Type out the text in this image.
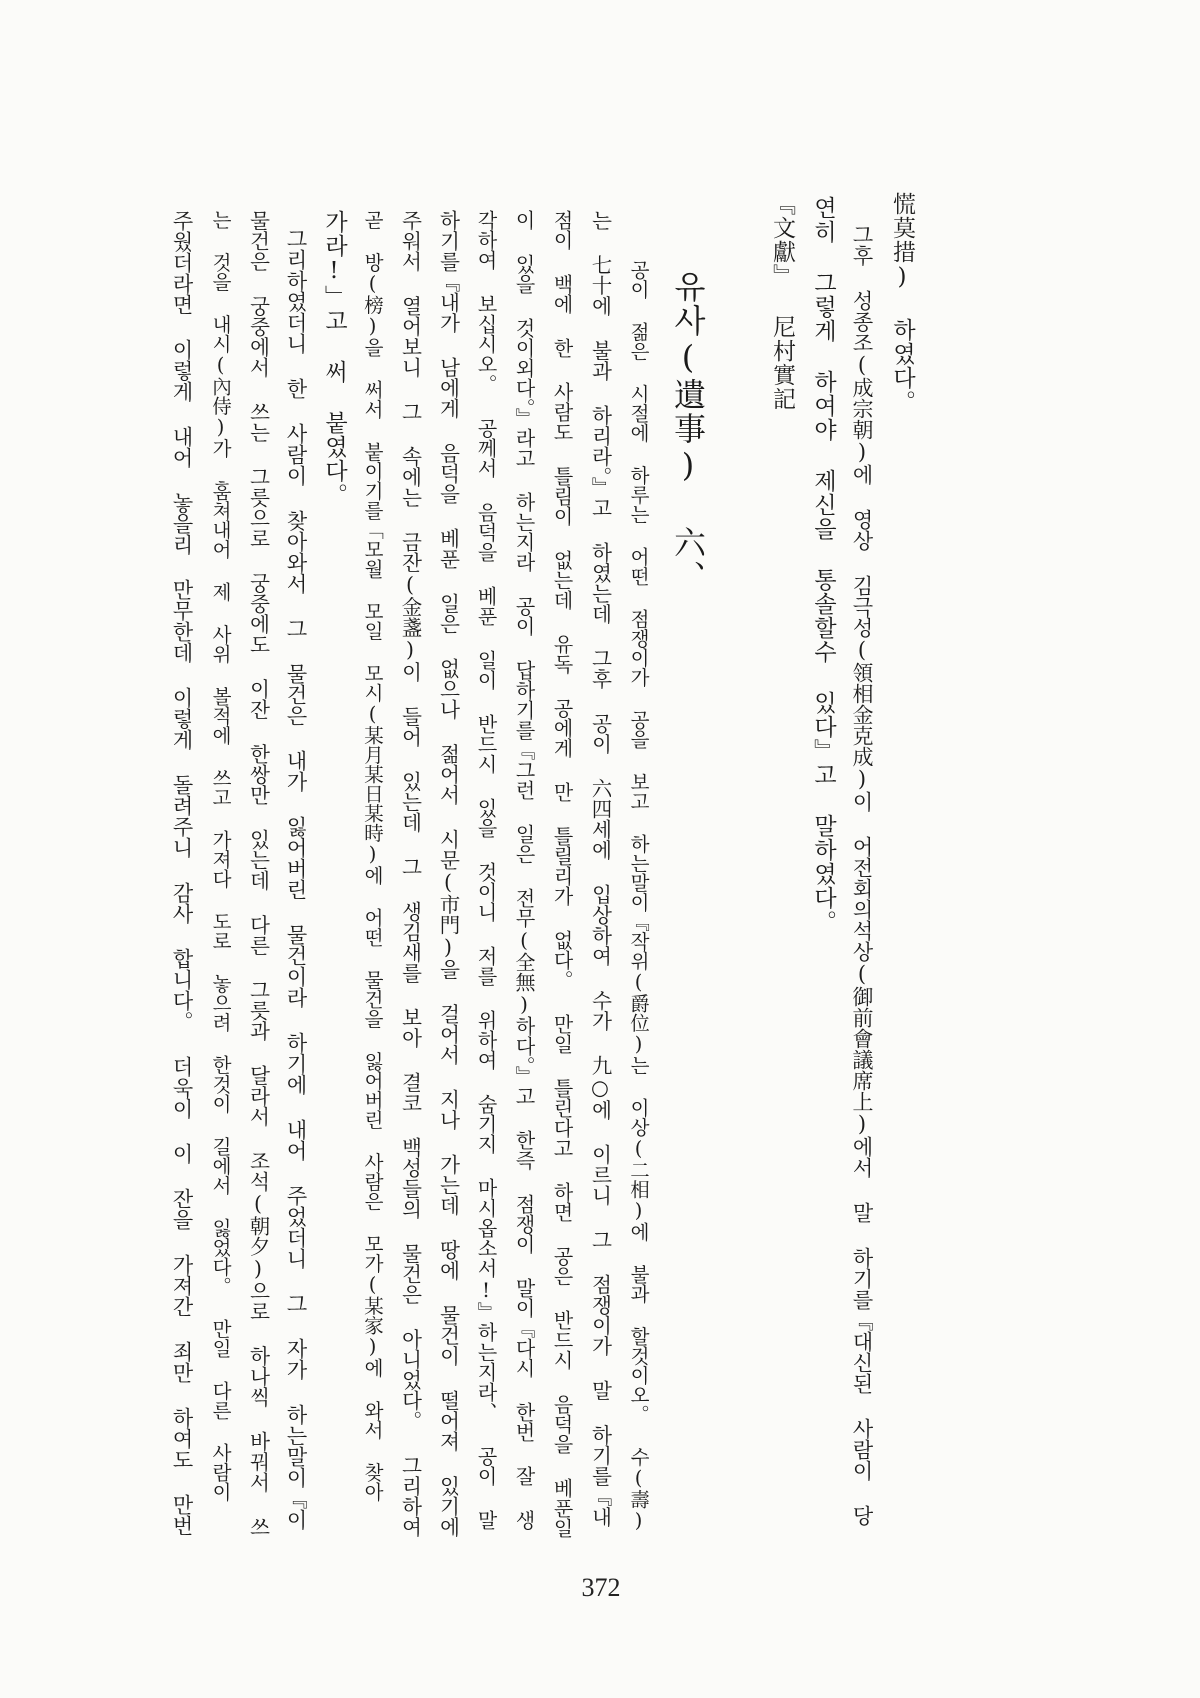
慌莫措) 하였다。
그후 성종조(成宗朝)에 영상 김극성(領相金克成)이 어전회의석상(御前會議席上)에서 말 하기를『대신된 사람이 당
연히 그렇게 하여야 제신을 통솔할수 있다』고 말하였다。
『文獻』 尼村實記
유사(遺事) 六、
공이 젊은 시절에 하루는 어떤 점쟁이가 공을 보고 하는말이『작위(爵位)는 이상(二相)에 불과 할것이오。 수(壽)
는 七十에 불과 하리라。』고 하였는데 그후 공이 六四세에 입상하여 수가 九○에 이르니 그 점쟁이가 말 하기를『내
점이 백에 한 사람도 틀림이 없는데 유독 공에게 만 틀릴리가 없다。 만일 틀린다고 하면 공은 반드시 음덕을 베푼일
이 있을 것이외다。』라고 하는지라 공이 답하기를『그런 일은 전무(全無)하다。』고 한즉 점쟁이 말이『다시 한번 잘 생
각하여 보십시오。 공께서 음덕을 베푼 일이 반드시 있을 것이니 저를 위하여 숨기지 마시옵소서!』하는지라、 공이 말
하기를『내가 남에게 음덕을 베푼 일은 없으나 젊어서 시문(市門)을 걸어서 지나 가는데 땅에 물건이 떨어져 있기에
주워서 열어보니 그 속에는 금잔(金盞)이 들어 있는데 그 생김새를 보아 결코 백성들의 물건은 아니었다。 그리하여
곧 방(榜)을 써서 붙이기를「모월 모일 모시(某月某日某時)에 어떤 물건을 잃어버린 사람은 모가(某家)에 와서 찾아
가라!」고 써 붙였다。
그리하였더니 한 사람이 찾아와서 그 물건은 내가 잃어버린 물건이라 하기에 내어 주었더니 그 자가 하는말이『이
물건은 궁중에서 쓰는 그릇으로 궁중에도 이잔 한쌍만 있는데 다른 그릇과 달라서 조석(朝夕)으로 하나씩 바꿔서 쓰
는 것을 내시(內侍)가 훔쳐내어 제 사위 볼적에 쓰고 가져다 도로 놓으려 한것이 길에서 잃었다。 만일 다른 사람이
주웠더라면 이렇게 내어 놓을리 만무한데 이렇게 돌려주니 감사 합니다。 더욱이 이 잔을 가져간 죄만 하여도 만번
372
